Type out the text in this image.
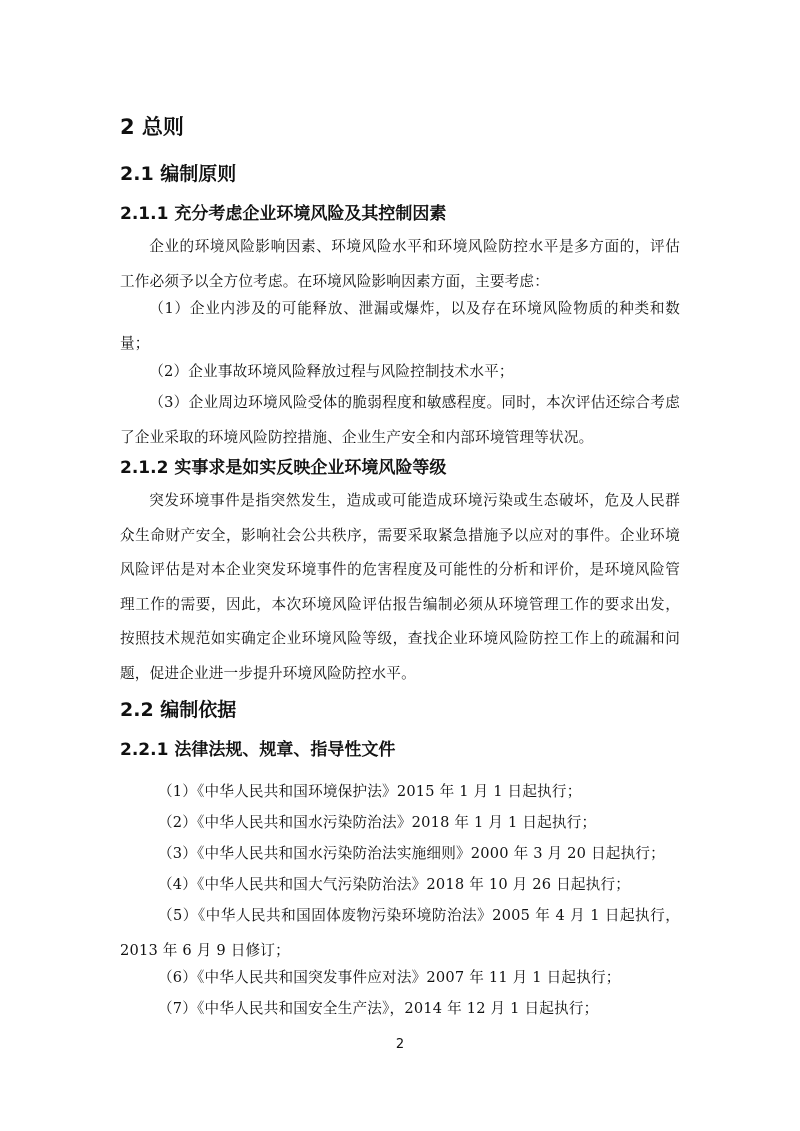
2 总则
2.1 编制原则
2.1.1 充分考虑企业环境风险及其控制因素

企业的环境风险影响因素、环境风险水平和环境风险防控水平是多方面的，评估工作必须予以全方位考虑。在环境风险影响因素方面，主要考虑：

（1）企业内涉及的可能释放、泄漏或爆炸，以及存在环境风险物质的种类和数量；

（2）企业事故环境风险释放过程与风险控制技术水平；

（3）企业周边环境风险受体的脆弱程度和敏感程度。同时，本次评估还综合考虑了企业采取的环境风险防控措施、企业生产安全和内部环境管理等状况。

2.1.2 实事求是如实反映企业环境风险等级

突发环境事件是指突然发生，造成或可能造成环境污染或生态破坏，危及人民群众生命财产安全，影响社会公共秩序，需要采取紧急措施予以应对的事件。企业环境风险评估是对本企业突发环境事件的危害程度及可能性的分析和评价，是环境风险管理工作的需要，因此，本次环境风险评估报告编制必须从环境管理工作的要求出发，按照技术规范如实确定企业环境风险等级，查找企业环境风险防控工作上的疏漏和问题，促进企业进一步提升环境风险防控水平。

2.2 编制依据
2.2.1 法律法规、规章、指导性文件

（1）《中华人民共和国环境保护法》2015 年 1 月 1 日起执行；

（2）《中华人民共和国水污染防治法》2018 年 1 月 1 日起执行；

（3）《中华人民共和国水污染防治法实施细则》2000 年 3 月 20 日起执行；

（4）《中华人民共和国大气污染防治法》2018 年 10 月 26 日起执行；

（5）《中华人民共和国固体废物污染环境防治法》2005 年 4 月 1 日起执行，2013 年 6 月 9 日修订；

（6）《中华人民共和国突发事件应对法》2007 年 11 月 1 日起执行；

（7）《中华人民共和国安全生产法》，2014 年 12 月 1 日起执行；

2
